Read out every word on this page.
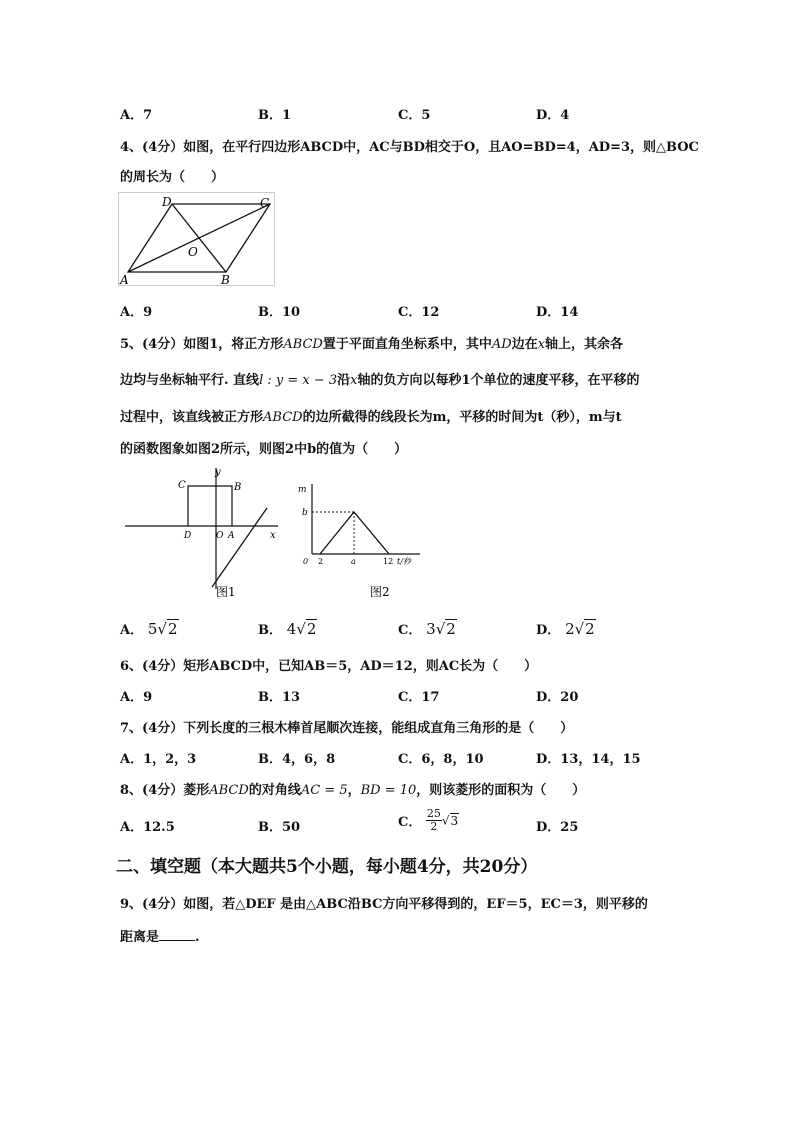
A．7	B．1	C．5	D．4
4、(4分）如图，在平行四边形ABCD中，AC与BD相交于O，且AO=BD=4，AD=3，则△BOC
的周长为（　　）
D	C
O
A	B
A．9	B．10	C．12	D．14
5、(4分）如图1，将正方形ABCD置于平面直角坐标系中，其中AD边在x轴上，其余各
边均与坐标轴平行. 直线l : y = x − 3沿x轴的负方向以每秒1个单位的速度平移，在平移的
过程中，该直线被正方形ABCD的边所截得的线段长为m，平移的时间为t（秒），m与t
的函数图象如图2所示，则图2中b的值为（　　）
y
C	B
D	O A	x
图1
m
b
0 2	a	12 t/秒
图2
A． 5√2	B． 4√2	C． 3√2	D． 2√2
6、(4分）矩形ABCD中，已知AB＝5，AD＝12，则AC长为（　　）
A．9	B．13	C．17	D．20
7、(4分）下列长度的三根木棒首尾顺次连接，能组成直角三角形的是（　　）
A．1，2，3	B．4，6，8	C．6，8，10	D．13，14，15
8、(4分）菱形ABCD的对角线AC = 5，BD = 10，则该菱形的面积为（　　）
A．12.5	B．50	C． $\frac{25}{2} √3$	D．25
二、填空题（本大题共5个小题，每小题4分，共20分）
9、(4分）如图，若△DEF 是由△ABC沿BC方向平移得到的，EF＝5，EC＝3，则平移的
距离是	.
